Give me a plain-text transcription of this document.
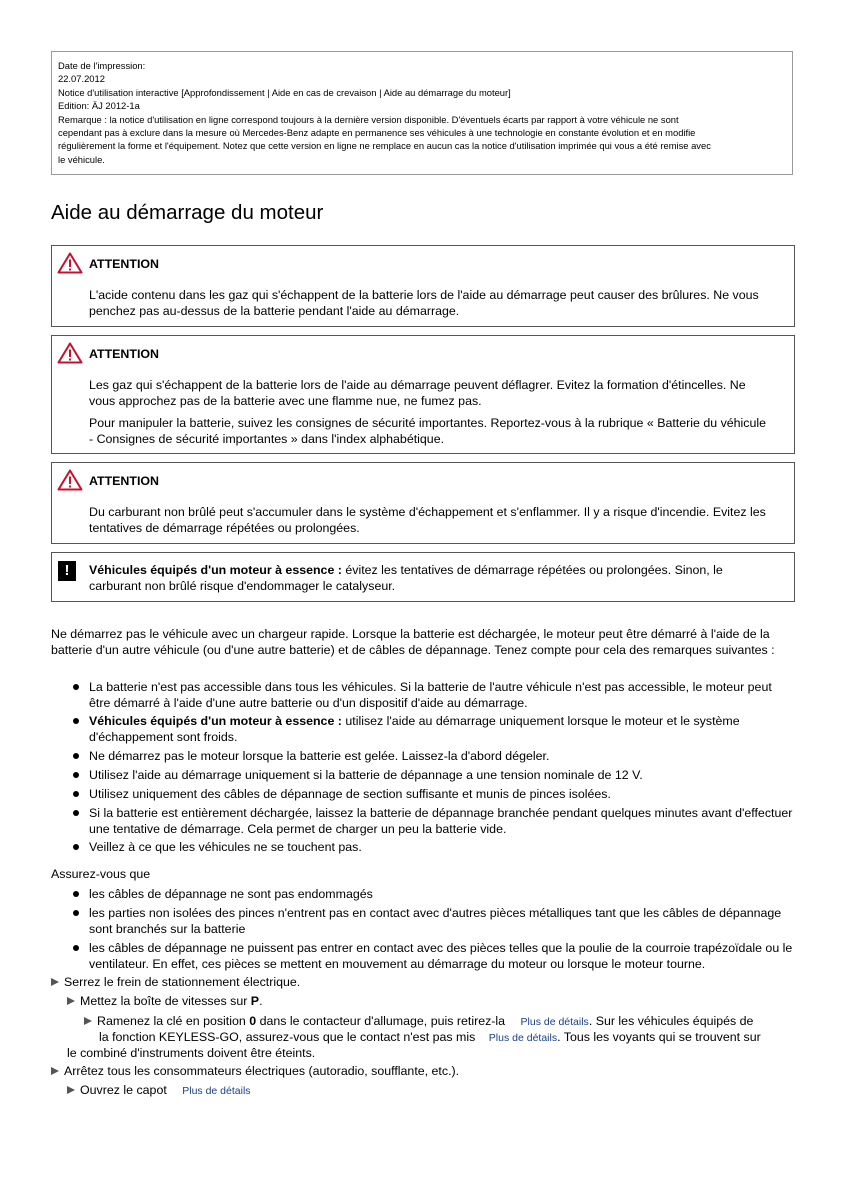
Date de l'impression:
22.07.2012
Notice d'utilisation interactive [Approfondissement | Aide en cas de crevaison | Aide au démarrage du moteur]
Edition: ÄJ 2012-1a
Remarque : la notice d'utilisation en ligne correspond toujours à la dernière version disponible. D'éventuels écarts par rapport à votre véhicule ne sont
cependant pas à exclure dans la mesure où Mercedes-Benz adapte en permanence ses véhicules à une technologie en constante évolution et en modifie
régulièrement la forme et l'équipement. Notez que cette version en ligne ne remplace en aucun cas la notice d'utilisation imprimée qui vous a été remise avec
le véhicule.
Aide au démarrage du moteur
ATTENTION

L'acide contenu dans les gaz qui s'échappent de la batterie lors de l'aide au démarrage peut causer des brûlures. Ne vous penchez pas au-dessus de la batterie pendant l'aide au démarrage.

ATTENTION

Les gaz qui s'échappent de la batterie lors de l'aide au démarrage peuvent déflagrer. Evitez la formation d'étincelles. Ne vous approchez pas de la batterie avec une flamme nue, ne fumez pas.

Pour manipuler la batterie, suivez les consignes de sécurité importantes. Reportez-vous à la rubrique « Batterie du véhicule - Consignes de sécurité importantes » dans l'index alphabétique.

ATTENTION

Du carburant non brûlé peut s'accumuler dans le système d'échappement et s'enflammer. Il y a risque d'incendie. Evitez les tentatives de démarrage répétées ou prolongées.

!	Véhicules équipés d'un moteur à essence : évitez les tentatives de démarrage répétées ou prolongées. Sinon, le carburant non brûlé risque d'endommager le catalyseur.

Ne démarrez pas le véhicule avec un chargeur rapide. Lorsque la batterie est déchargée, le moteur peut être démarré à l'aide de la batterie d'un autre véhicule (ou d'une autre batterie) et de câbles de dépannage. Tenez compte pour cela des remarques suivantes :
La batterie n'est pas accessible dans tous les véhicules. Si la batterie de l'autre véhicule n'est pas accessible, le moteur peut être démarré à l'aide d'une autre batterie ou d'un dispositif d'aide au démarrage.
Véhicules équipés d'un moteur à essence : utilisez l'aide au démarrage uniquement lorsque le moteur et le système d'échappement sont froids.
Ne démarrez pas le moteur lorsque la batterie est gelée. Laissez-la d'abord dégeler.
Utilisez l'aide au démarrage uniquement si la batterie de dépannage a une tension nominale de 12 V.
Utilisez uniquement des câbles de dépannage de section suffisante et munis de pinces isolées.
Si la batterie est entièrement déchargée, laissez la batterie de dépannage branchée pendant quelques minutes avant d'effectuer une tentative de démarrage. Cela permet de charger un peu la batterie vide.
Veillez à ce que les véhicules ne se touchent pas.
Assurez-vous que
les câbles de dépannage ne sont pas endommagés
les parties non isolées des pinces n'entrent pas en contact avec d'autres pièces métalliques tant que les câbles de dépannage sont branchés sur la batterie
les câbles de dépannage ne puissent pas entrer en contact avec des pièces telles que la poulie de la courroie trapézoïdale ou le ventilateur. En effet, ces pièces se mettent en mouvement au démarrage du moteur ou lorsque le moteur tourne.
Serrez le frein de stationnement électrique.
Mettez la boîte de vitesses sur P.
Ramenez la clé en position 0 dans le contacteur d'allumage, puis retirez-la Plus de détails. Sur les véhicules équipés de
la fonction KEYLESS-GO, assurez-vous que le contact n'est pas mis Plus de détails. Tous les voyants qui se trouvent sur
le combiné d'instruments doivent être éteints.
Arrêtez tous les consommateurs électriques (autoradio, soufflante, etc.).
Ouvrez le capot Plus de détails
